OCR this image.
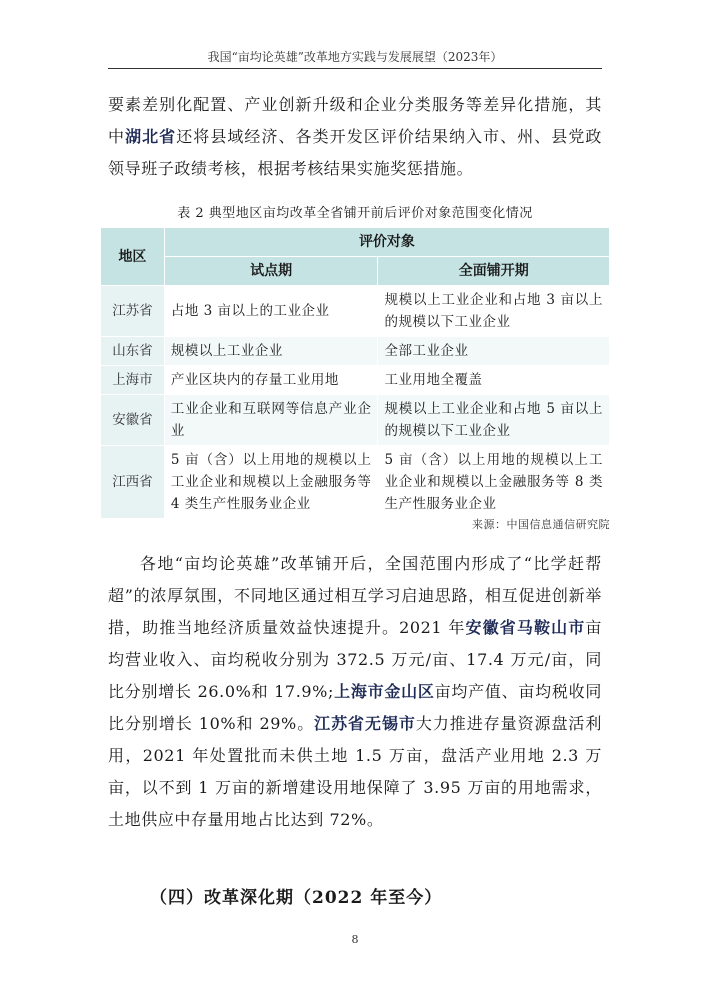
我国“亩均论英雄”改革地方实践与发展展望（2023年）

要素差别化配置、产业创新升级和企业分类服务等差异化措施，其中湖北省还将县域经济、各类开发区评价结果纳入市、州、县党政领导班子政绩考核，根据考核结果实施奖惩措施。

表 2 典型地区亩均改革全省铺开前后评价对象范围变化情况
地区	评价对象	
	试点期	全面铺开期
江苏省	占地 3 亩以上的工业企业	规模以上工业企业和占地 3 亩以上的规模以下工业企业
山东省	规模以上工业企业	全部工业企业
上海市	产业区块内的存量工业用地	工业用地全覆盖
安徽省	工业企业和互联网等信息产业企业	规模以上工业企业和占地 5 亩以上的规模以下工业企业
江西省	5 亩（含）以上用地的规模以上工业企业和规模以上金融服务等 4 类生产性服务业企业	5 亩（含）以上用地的规模以上工业企业和规模以上金融服务等 8 类生产性服务业企业
来源：中国信息通信研究院

各地“亩均论英雄”改革铺开后，全国范围内形成了“比学赶帮超”的浓厚氛围，不同地区通过相互学习启迪思路，相互促进创新举措，助推当地经济质量效益快速提升。2021 年安徽省马鞍山市亩均营业收入、亩均税收分别为 372.5 万元/亩、17.4 万元/亩，同比分别增长 26.0%和 17.9%;上海市金山区亩均产值、亩均税收同比分别增长 10%和 29%。江苏省无锡市大力推进存量资源盘活利用，2021 年处置批而未供土地 1.5 万亩，盘活产业用地 2.3 万亩，以不到 1 万亩的新增建设用地保障了 3.95 万亩的用地需求，土地供应中存量用地占比达到 72%。

（四）改革深化期（2022 年至今）
8
